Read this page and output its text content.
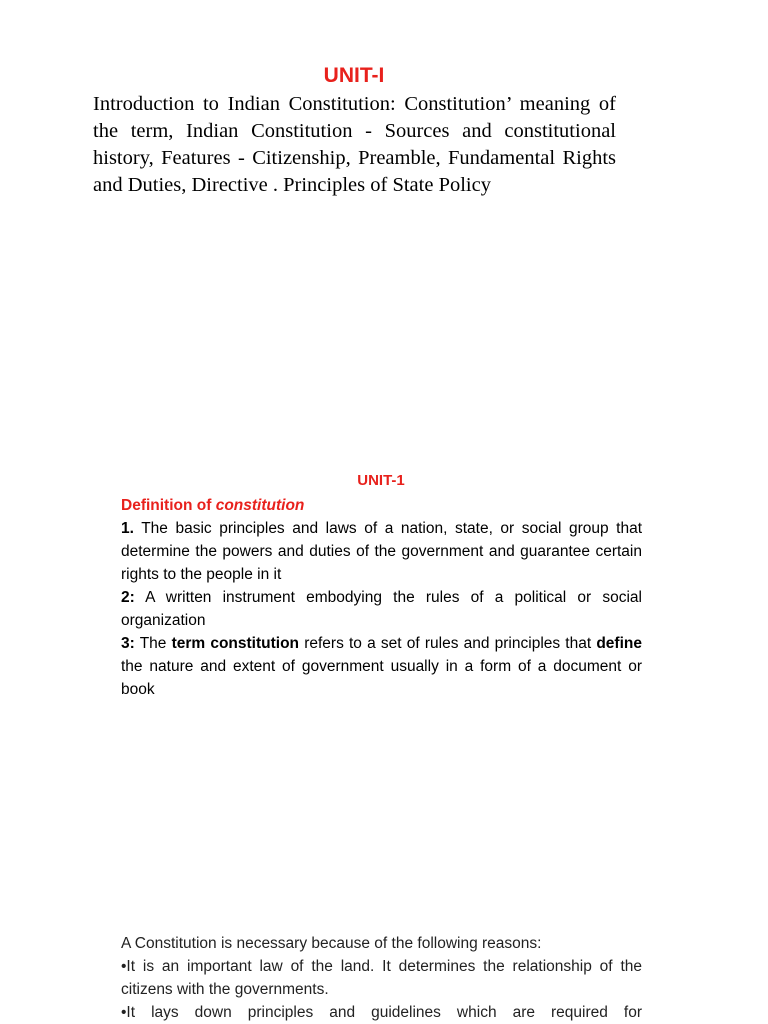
UNIT-I
Introduction to Indian Constitution: Constitution’ meaning of the term, Indian Constitution - Sources and constitutional history, Features - Citizenship, Preamble, Fundamental Rights and Duties, Directive . Principles of State Policy
UNIT-1
Definition of constitution
1. The basic principles and laws of a nation, state, or social group that determine the powers and duties of the government and guarantee certain rights to the people in it
2: A written instrument embodying the rules of a political or social organization
3: The term constitution refers to a set of rules and principles that define the nature and extent of government usually in a form of a document or book
A Constitution is necessary because of the following reasons:
•It is an important law of the land. It determines the relationship of the citizens with the governments.
•It lays down principles and guidelines which are required for
